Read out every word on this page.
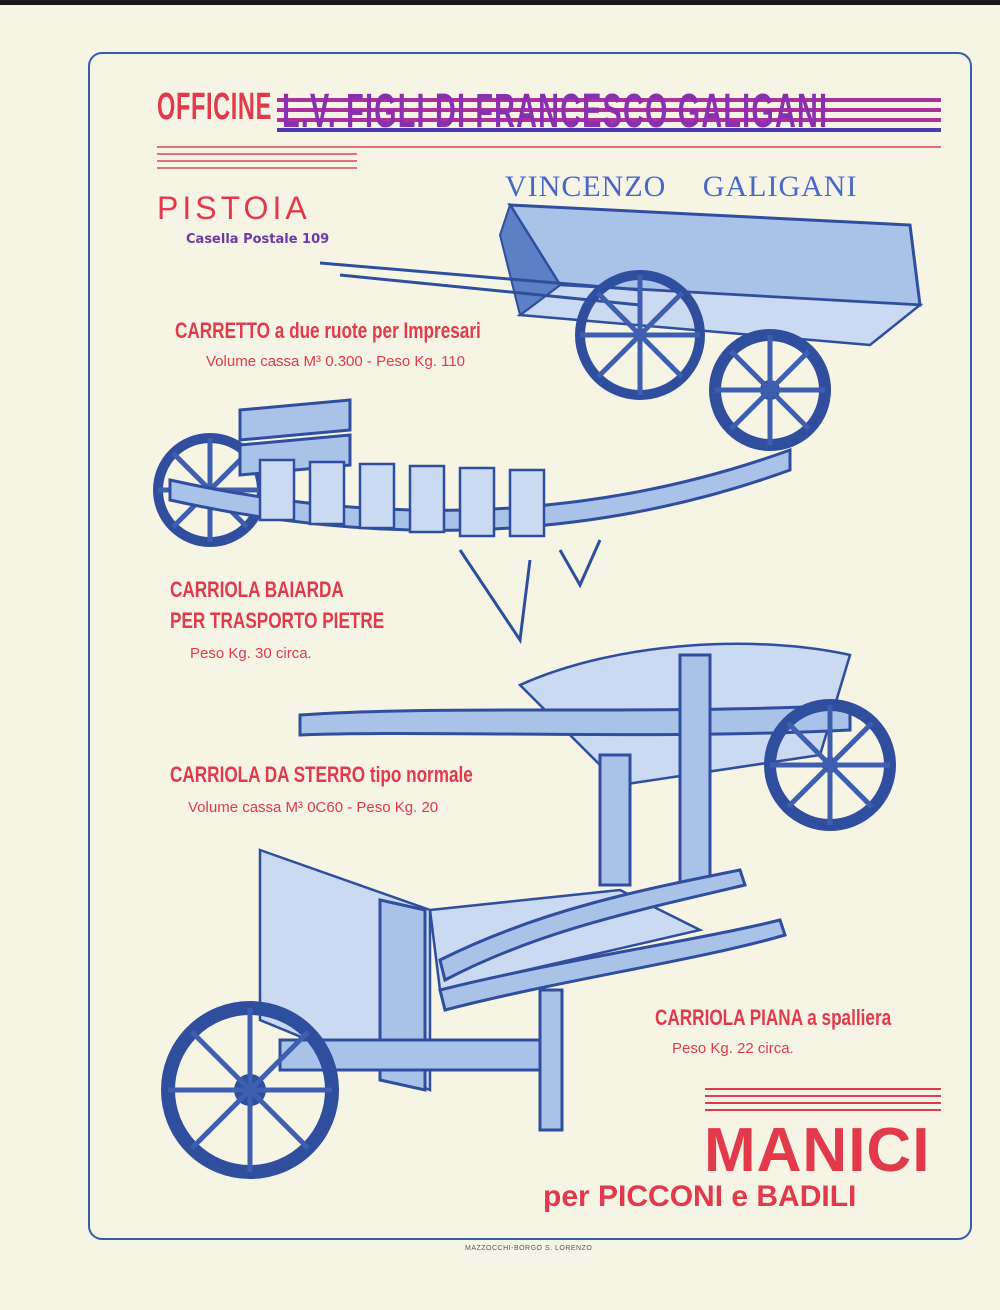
OFFICINE L.V. FIGLI DI FRANCESCO GALIGANI
VINCENZO GALIGANI
PISTOIA
Casella Postale 109
CARRETTO a due ruote per Impresari
Volume cassa M³ 0.300 - Peso Kg. 110
CARRIOLA BAIARDA
PER TRASPORTO PIETRE
Peso Kg. 30 circa.
CARRIOLA DA STERRO tipo normale
Volume cassa M³ 0C60 - Peso Kg. 20
CARRIOLA PIANA a spalliera
Peso Kg. 22 circa.
MANICI
per PICCONI e BADILI
MAZZOCCHI-BORGO S. LORENZO
